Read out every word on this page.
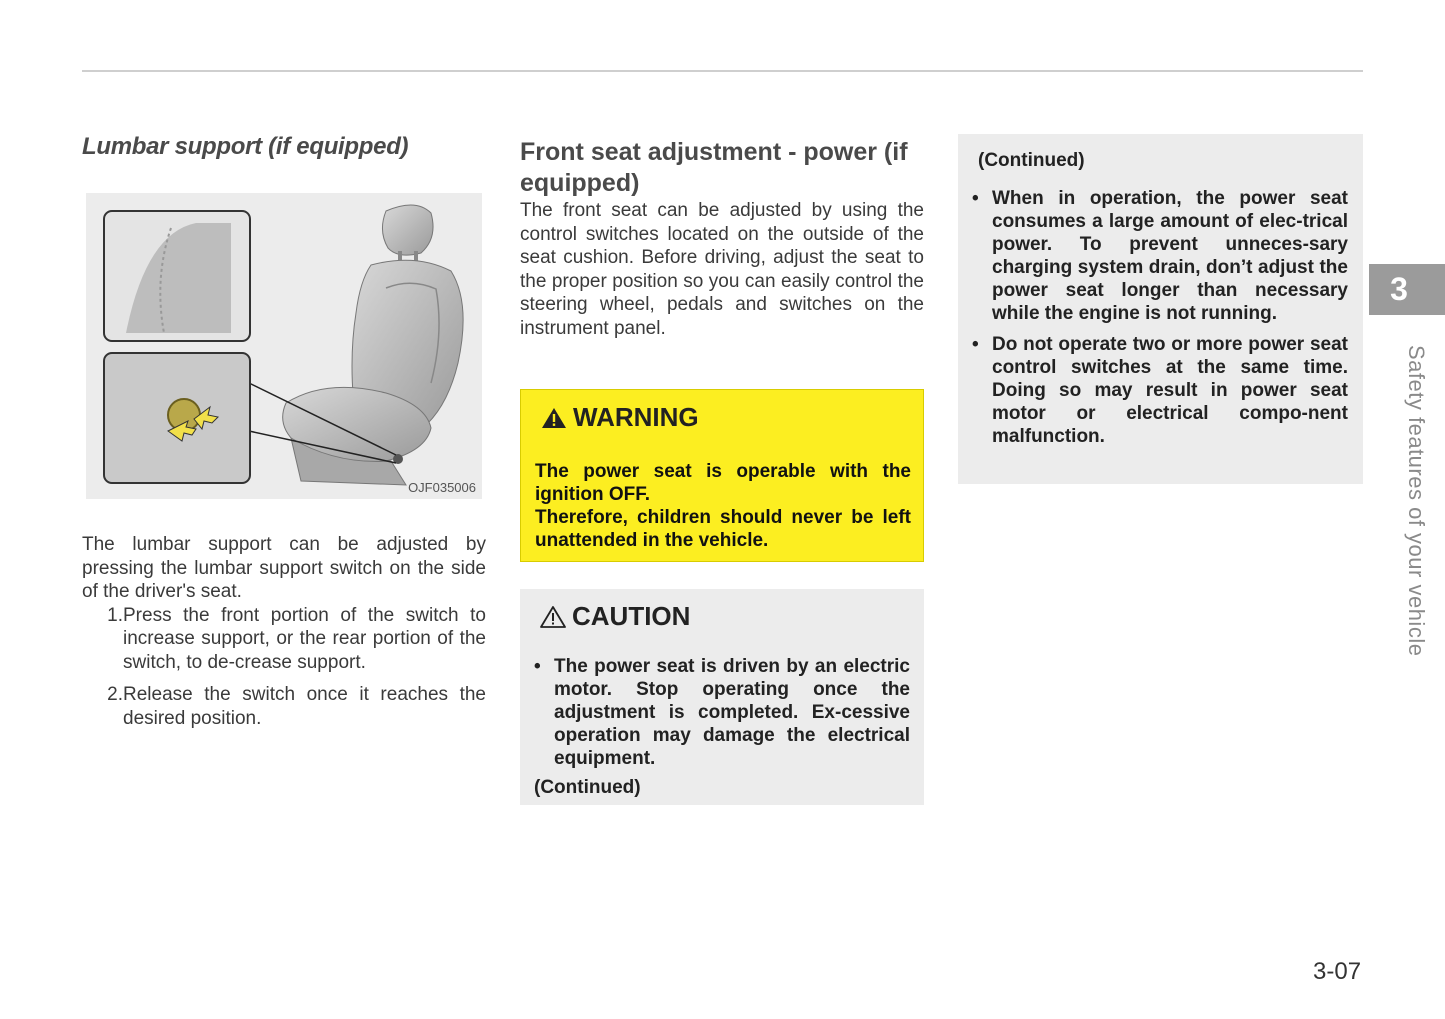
Lumbar support (if equipped)
OJF035006

The lumbar support can be adjusted by pressing the lumbar support switch on the side of the driver's seat.

1. Press the front portion of the switch to increase support, or the rear portion of the switch, to de-crease support.
2. Release the switch once it reaches the desired position.
Front seat adjustment - power (if equipped)

The front seat can be adjusted by using the control switches located on the outside of the seat cushion. Before driving, adjust the seat to the proper position so you can easily control the steering wheel, pedals and switches on the instrument panel.

WARNING
The power seat is operable with the ignition OFF.
Therefore, children should never be left unattended in the vehicle.
CAUTION
• The power seat is driven by an electric motor. Stop operating once the adjustment is completed. Ex-cessive operation may damage the electrical equipment.
(Continued)
(Continued)
• When in operation, the power seat consumes a large amount of elec-trical power. To prevent unneces-sary charging system drain, don’t adjust the power seat longer than necessary while the engine is not running.
• Do not operate two or more power seat control switches at the same time. Doing so may result in power seat motor or electrical compo-nent malfunction.
3
Safety features of your vehicle
3-07
